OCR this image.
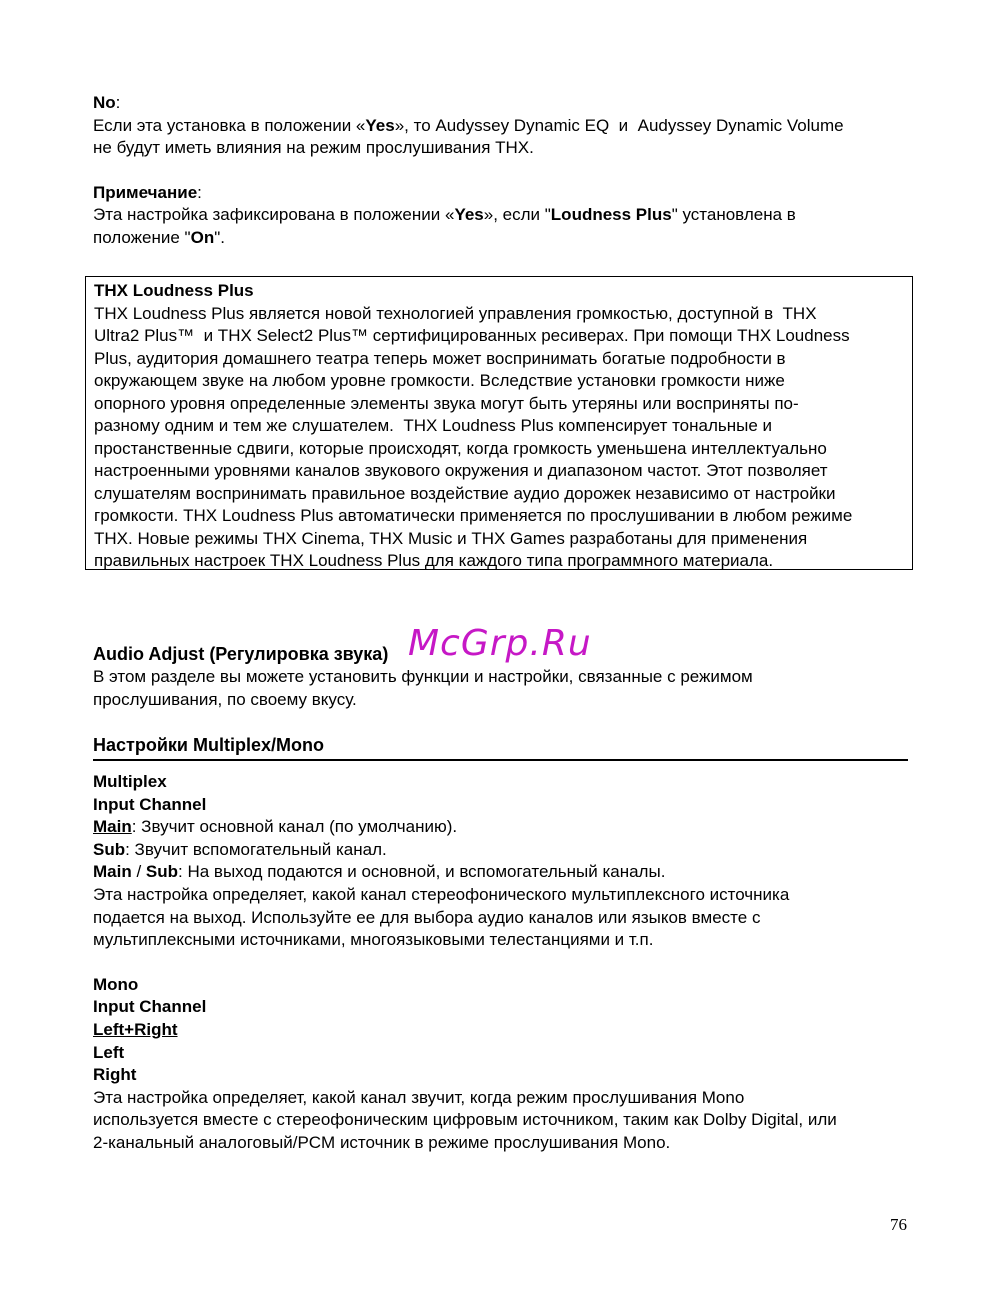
No:
Если эта установка в положении «Yes», то Audyssey Dynamic EQ  и  Audyssey Dynamic Volume
не будут иметь влияния на режим прослушивания THX.
Примечание:
Эта настройка зафиксирована в положении «Yes», если "Loudness Plus" установлена в
положение "On".
THX Loudness Plus
THX Loudness Plus является новой технологией управления громкостью, доступной в  THX
Ultra2 Plus™  и THX Select2 Plus™ сертифицированных ресиверах. При помощи THX Loudness
Plus, аудитория домашнего театра теперь может воспринимать богатые подробности в
окружающем звуке на любом уровне громкости. Вследствие установки громкости ниже
опорного уровня определенные элементы звука могут быть утеряны или восприняты по-
разному одним и тем же слушателем.  THX Loudness Plus компенсирует тональные и
простанственные сдвиги, которые происходят, когда громкость уменьшена интеллектуально
настроенными уровнями каналов звукового окружения и диапазоном частот. Этот позволяет
слушателям воспринимать правильное воздействие аудио дорожек независимо от настройки
громкости. THX Loudness Plus автоматически применяется по прослушивании в любом режиме
THX. Новые режимы THX Cinema, THX Music и THX Games разработаны для применения
правильных настроек THX Loudness Plus для каждого типа программного материала.
Audio Adjust (Регулировка звука)
В этом разделе вы можете установить функции и настройки, связанные с режимом
прослушивания, по своему вкусу.
Настройки Multiplex/Mono
Multiplex
Input Channel
Main: Звучит основной канал (по умолчанию).
Sub: Звучит вспомогательный канал.
Main / Sub: На выход подаются и основной, и вспомогательный каналы.
Эта настройка определяет, какой канал стереофонического мультиплексного источника
подается на выход. Используйте ее для выбора аудио каналов или языков вместе с
мультиплексными источниками, многоязыковыми телестанциями и т.п.
Mono
Input Channel
Left+Right
Left
Right
Эта настройка определяет, какой канал звучит, когда режим прослушивания Mono
используется вместе с стереофоническим цифровым источником, таким как Dolby Digital, или
2-канальный аналоговый/PCM источник в режиме прослушивания Mono.
McGrp.Ru
76
